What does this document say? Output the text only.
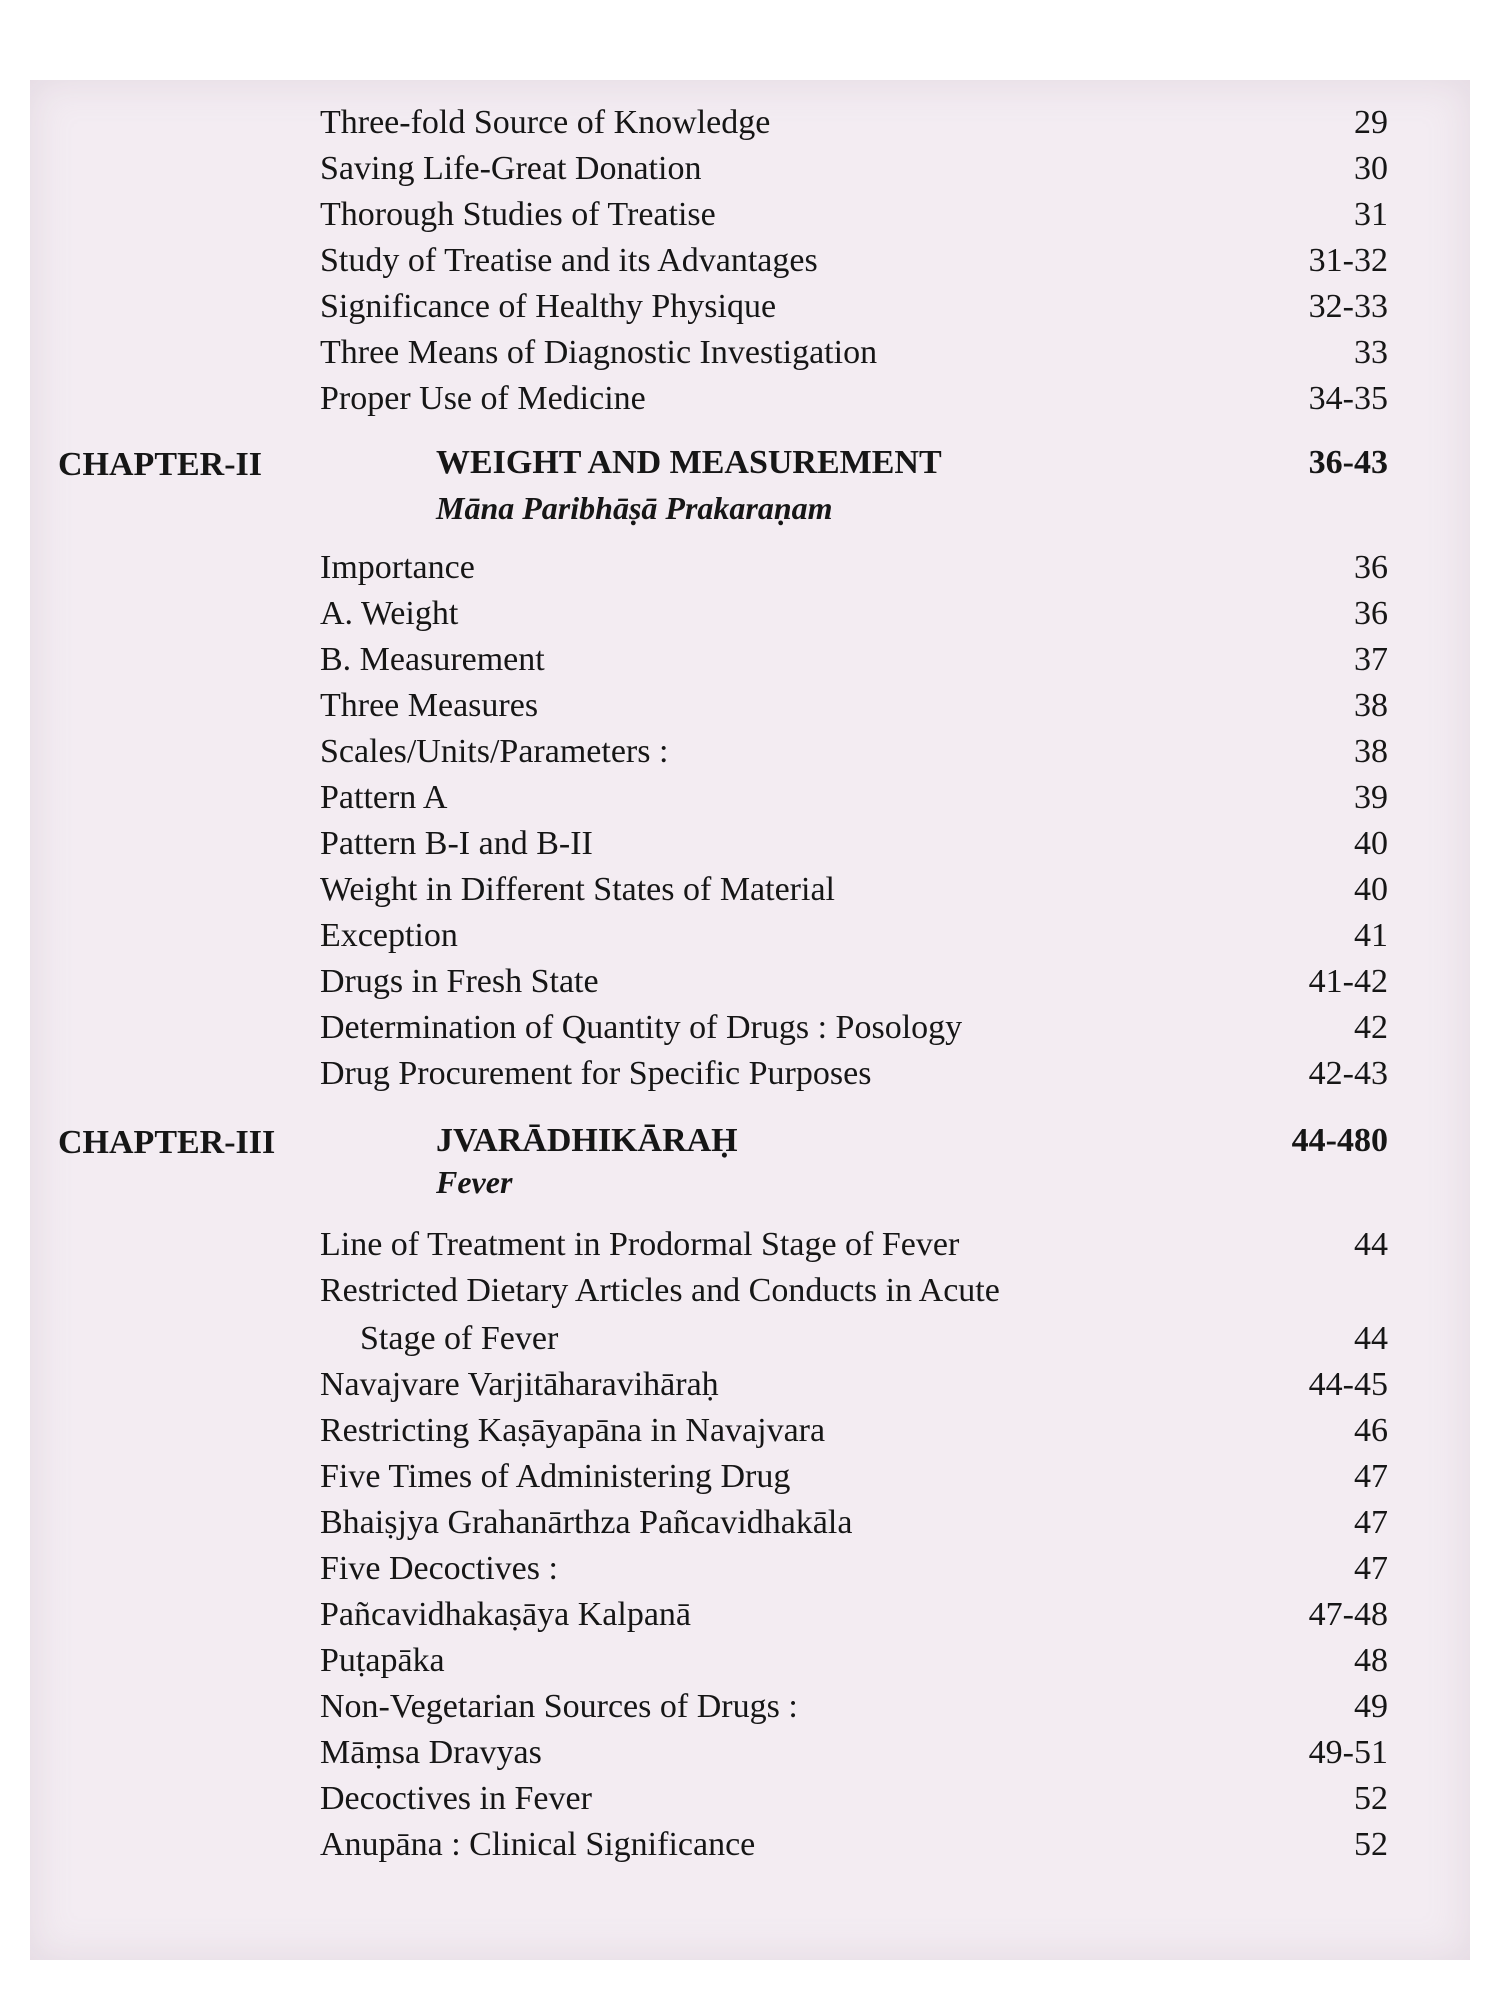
Three-fold Source of Knowledge	29
Saving Life-Great Donation	30
Thorough Studies of Treatise	31
Study of Treatise and its Advantages	31-32
Significance of Healthy Physique	32-33
Three Means of Diagnostic Investigation	33
Proper Use of Medicine	34-35
CHAPTER-II	WEIGHT AND MEASUREMENT	36-43
Māna Paribhāṣā Prakaraṇam
Importance	36
A. Weight	36
B. Measurement	37
Three Measures	38
Scales/Units/Parameters :	38
Pattern A	39
Pattern B-I and B-II	40
Weight in Different States of Material	40
Exception	41
Drugs in Fresh State	41-42
Determination of Quantity of Drugs : Posology	42
Drug Procurement for Specific Purposes	42-43
CHAPTER-III	JVARĀDHIKĀRAḤ	44-480
Fever
Line of Treatment in Prodormal Stage of Fever	44
Restricted Dietary Articles and Conducts in Acute
Stage of Fever	44
Navajvare Varjitāharavihāraḥ	44-45
Restricting Kaṣāyapāna in Navajvara	46
Five Times of Administering Drug	47
Bhaiṣjya Grahanārthza Pañcavidhakāla	47
Five Decoctives :	47
Pañcavidhakaṣāya Kalpanā	47-48
Puṭapāka	48
Non-Vegetarian Sources of Drugs :	49
Māṃsa Dravyas	49-51
Decoctives in Fever	52
Anupāna : Clinical Significance	52
